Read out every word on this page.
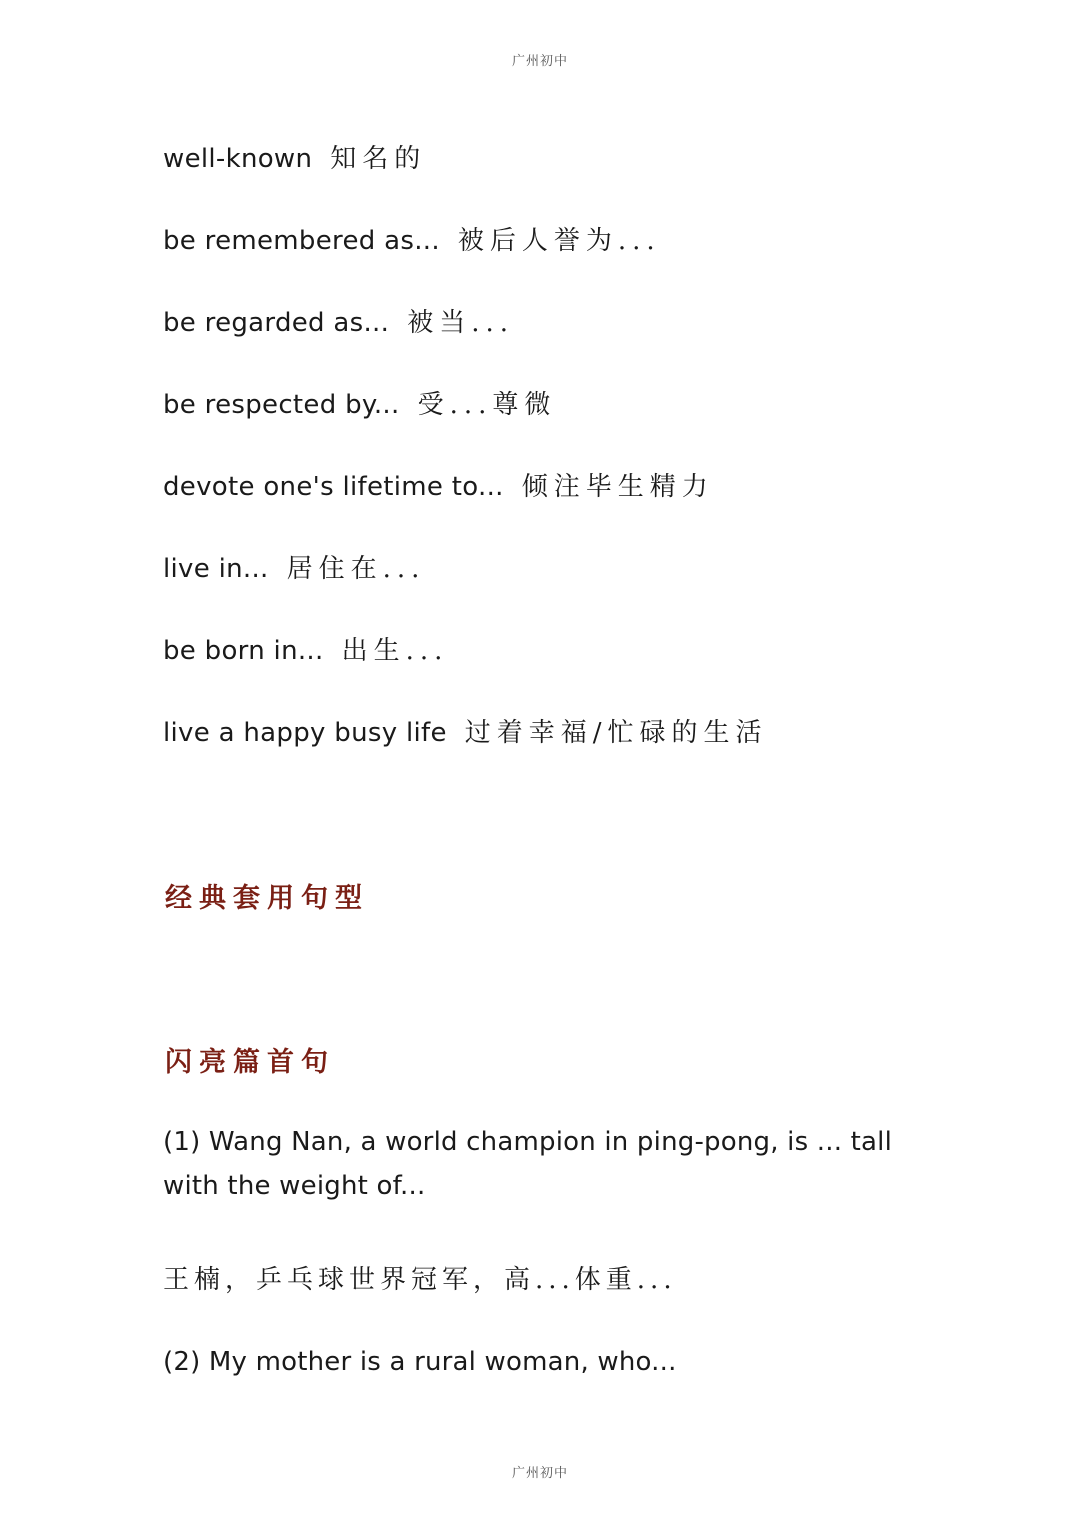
广州初中
well-known 知名的
be remembered as... 被后人誉为...
be regarded as... 被当...
be respected by... 受...尊微
devote one's lifetime to... 倾注毕生精力
live in... 居住在...
be born in... 出生...
live a happy busy life 过着幸福/忙碌的生活
经典套用句型
闪亮篇首句

(1) Wang Nan, a world champion in ping-pong, is ... tall
with the weight of...

王楠，乒乓球世界冠军，高...体重...

(2) My mother is a rural woman, who...

广州初中
